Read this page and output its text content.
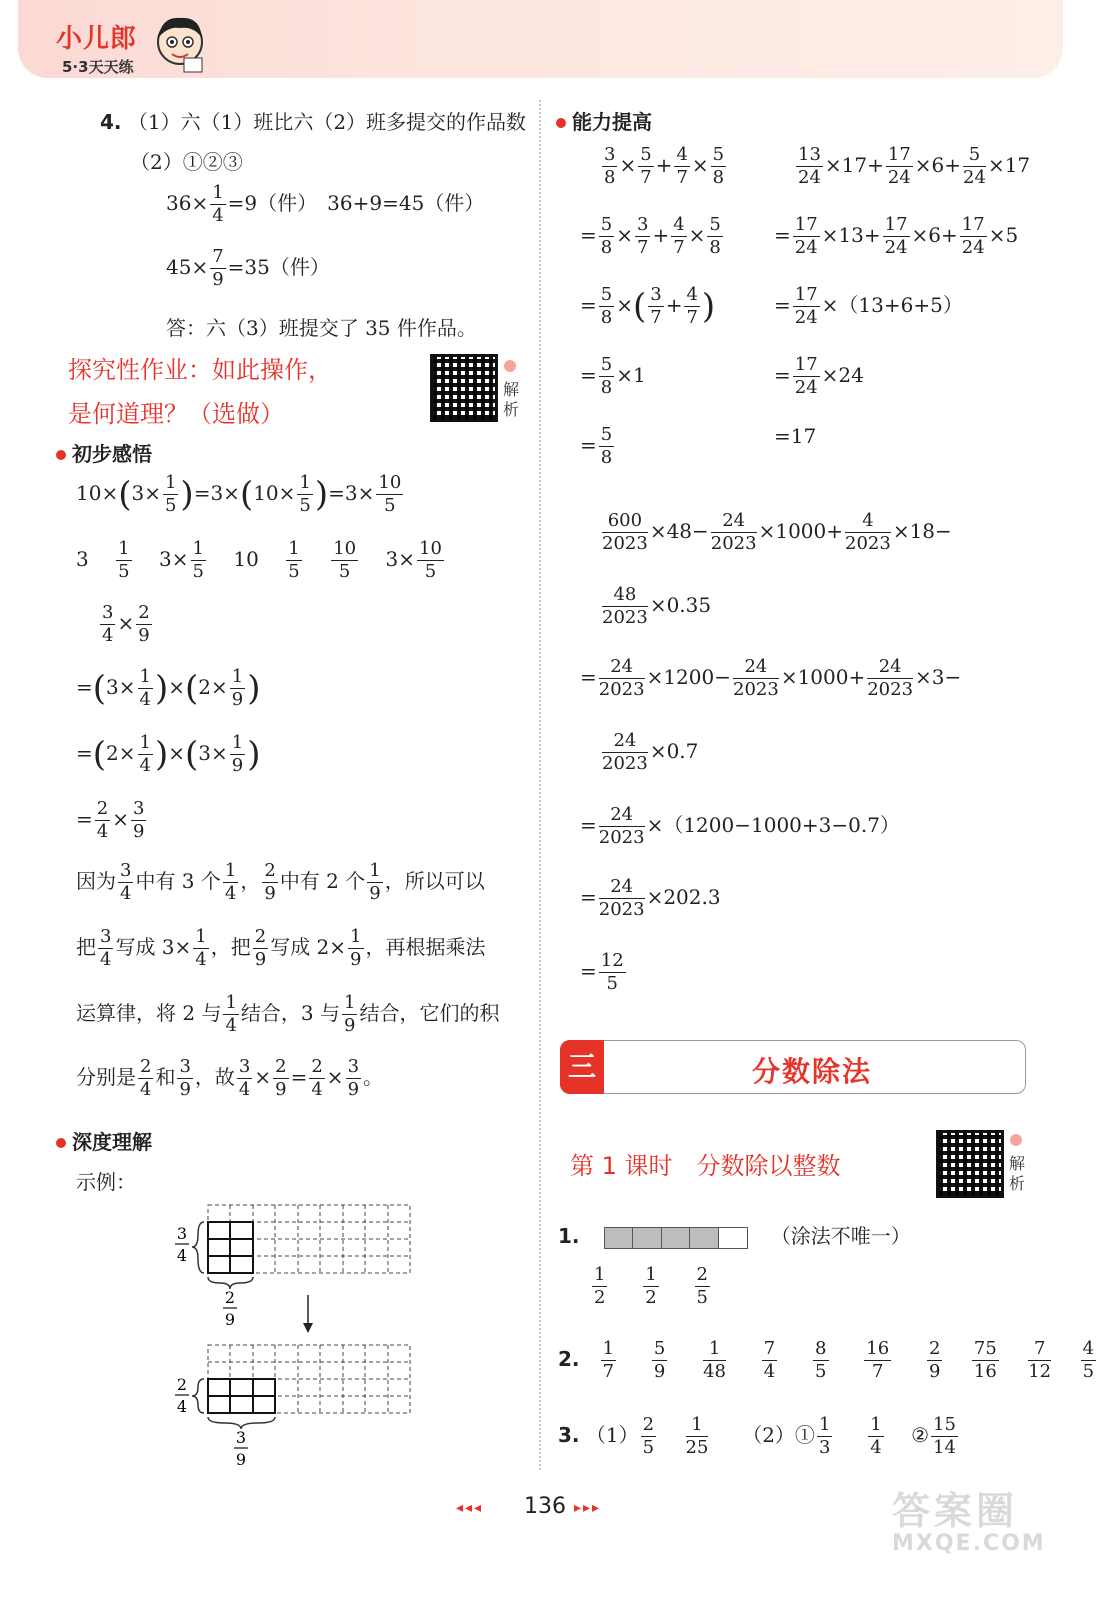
小儿郎
5·3天天练
4. （1）六（1）班比六（2）班多提交的作品数
（2）①②③
$36\times \frac{1}{4} =9$（件）　36+9=45（件）
$45\times \frac{7}{9} =35$（件）
答：六（3）班提交了 35 件作品。
探究性作业：如此操作，
是何道理？（选做）
解析
初步感悟
$10\times(3\times \frac{1}{5} )=3\times(10\times \frac{1}{5} )=3\times \frac{10}{5}$
$3 \frac{1}{5} 3\times \frac{1}{5} 10 \frac{1}{5}$
$\frac{10}{5} 3\times \frac{10}{5}$
$\frac{3}{4} \times \frac{2}{9}$
$=(3\times \frac{1}{4} )\times(2\times \frac{1}{9}$ )
$=(2\times \frac{1}{4} )\times(3\times \frac{1}{9}$ )
= $\frac{2}{4} \times \frac{3}{9}$
因为 $\frac{3}{4}$ 中有 3 个 $\frac{1}{4}$ ， $\frac{2}{9}$ 中有 2 个 $\frac{1}{9}$ ，所以可以
把 $\frac{3}{4}$ 写成 $3\times \frac{1}{4}$ ，把 $\frac{2}{9}$ 写成 $2\times \frac{1}{9}$ ，再根据乘法
运算律，将 2 与 $\frac{1}{4}$ 结合，3 与 $\frac{1}{9}$ 结合，它们的积
分别是 $\frac{2}{4}$ 和 $\frac{3}{9}$ ，故 $\frac{3}{4} \times \frac{2}{9} = \frac{2}{4} \times \frac{3}{9}$ 。
深度理解
示例：
3
4
2
9
2
4
3
9
能力提高
$\frac{3}{8} \times \frac{5}{7} + \frac{4}{7} \times \frac{5}{8}$
= $\frac{5}{8} \times \frac{3}{7} + \frac{4}{7} \times \frac{5}{8}$
= $\frac{5}{8}$ ×( $\frac{3}{7} + \frac{4}{7}$ )
= $\frac{5}{8} \times 1$
= $\frac{5}{8}$
$\frac{13}{24} \times 17+ \frac{17}{24} \times 6+ \frac{5}{24} \times 17$
= $\frac{17}{24} \times 13+ \frac{17}{24} \times 6+ \frac{17}{24} \times 5$
= $\frac{17}{24} \times(13+6+5)$
= $\frac{17}{24} \times 24$
=17
$\frac{600}{2023} \times 48- \frac{24}{2023} \times 1000+ \frac{4}{2023} \times 18-$
$\frac{48}{2023} \times 0.35$
= $\frac{24}{2023} \times 1200- \frac{24}{2023} \times 1000+ \frac{24}{2023} \times 3-$
$\frac{24}{2023} \times 0.7$
= $\frac{24}{2023} \times(1200-1000+3-0.7)$
= $\frac{24}{2023} \times 202.3$
= $\frac{12}{5}$
三	分数除法
第 1 课时　分数除以整数	解析
1.	（涂法不唯一）
$\frac{1}{2}$
$\frac{1}{2}$
$\frac{2}{5}$
2. $\frac{1}{7}$
$\frac{5}{9}$
$\frac{1}{48}$
$\frac{7}{4}$
$\frac{8}{5}$
$\frac{16}{7}$
$\frac{2}{9}$
$\frac{75}{16}$
$\frac{7}{12}$
$\frac{4}{5}$
3. $(1) \frac{2}{5}$
$\frac{1}{25}$ （2）① $\frac{1}{3}$
$\frac{1}{4}$ ② $\frac{15}{14}$
◂◂◂	136 ▸▸▸	答案圈
MXQE.COM
